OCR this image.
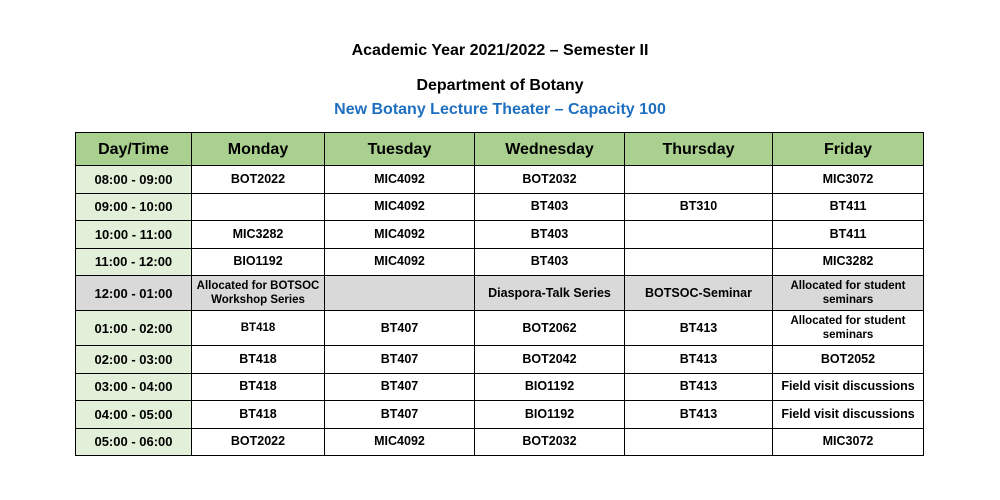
Academic Year 2021/2022 – Semester II
Department of Botany
New Botany Lecture Theater – Capacity 100
Day/Time	Monday	Tuesday	Wednesday	Thursday	Friday
08:00 - 09:00	BOT2022	MIC4092	BOT2032		MIC3072
09:00 - 10:00		MIC4092	BT403	BT310	BT411
10:00 - 11:00	MIC3282	MIC4092	BT403		BT411
11:00 - 12:00	BIO1192	MIC4092	BT403		MIC3282
12:00 - 01:00	Allocated for BOTSOC Workshop Series		Diaspora-Talk Series	BOTSOC-Seminar	Allocated for student seminars
01:00 - 02:00	BT418	BT407	BOT2062	BT413	Allocated for student seminars
02:00 - 03:00	BT418	BT407	BOT2042	BT413	BOT2052
03:00 - 04:00	BT418	BT407	BIO1192	BT413	Field visit discussions
04:00 - 05:00	BT418	BT407	BIO1192	BT413	Field visit discussions
05:00 - 06:00	BOT2022	MIC4092	BOT2032		MIC3072
